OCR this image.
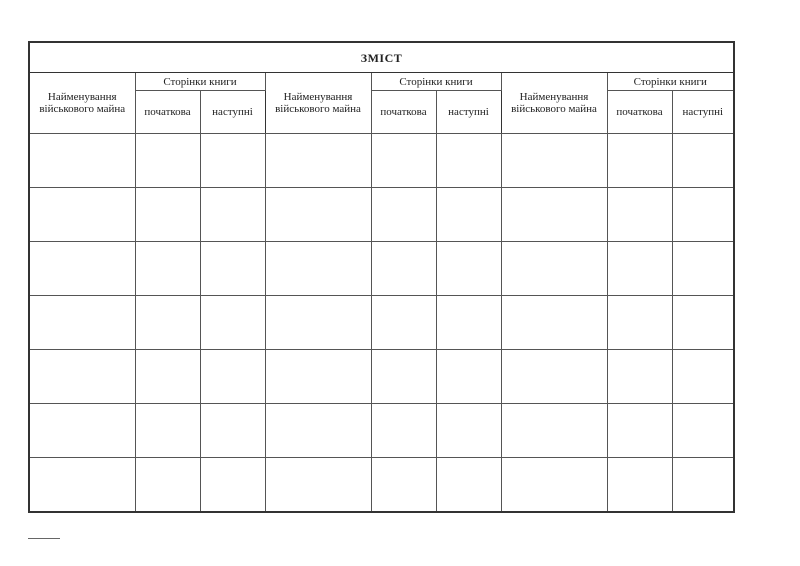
ЗМІСТ								
Найменування військового майна	Сторінки книги		Найменування військового майна	Сторінки книги		Найменування військового майна	Сторінки книги	
	початкова	наступні		початкова	наступні		початкова	наступні
